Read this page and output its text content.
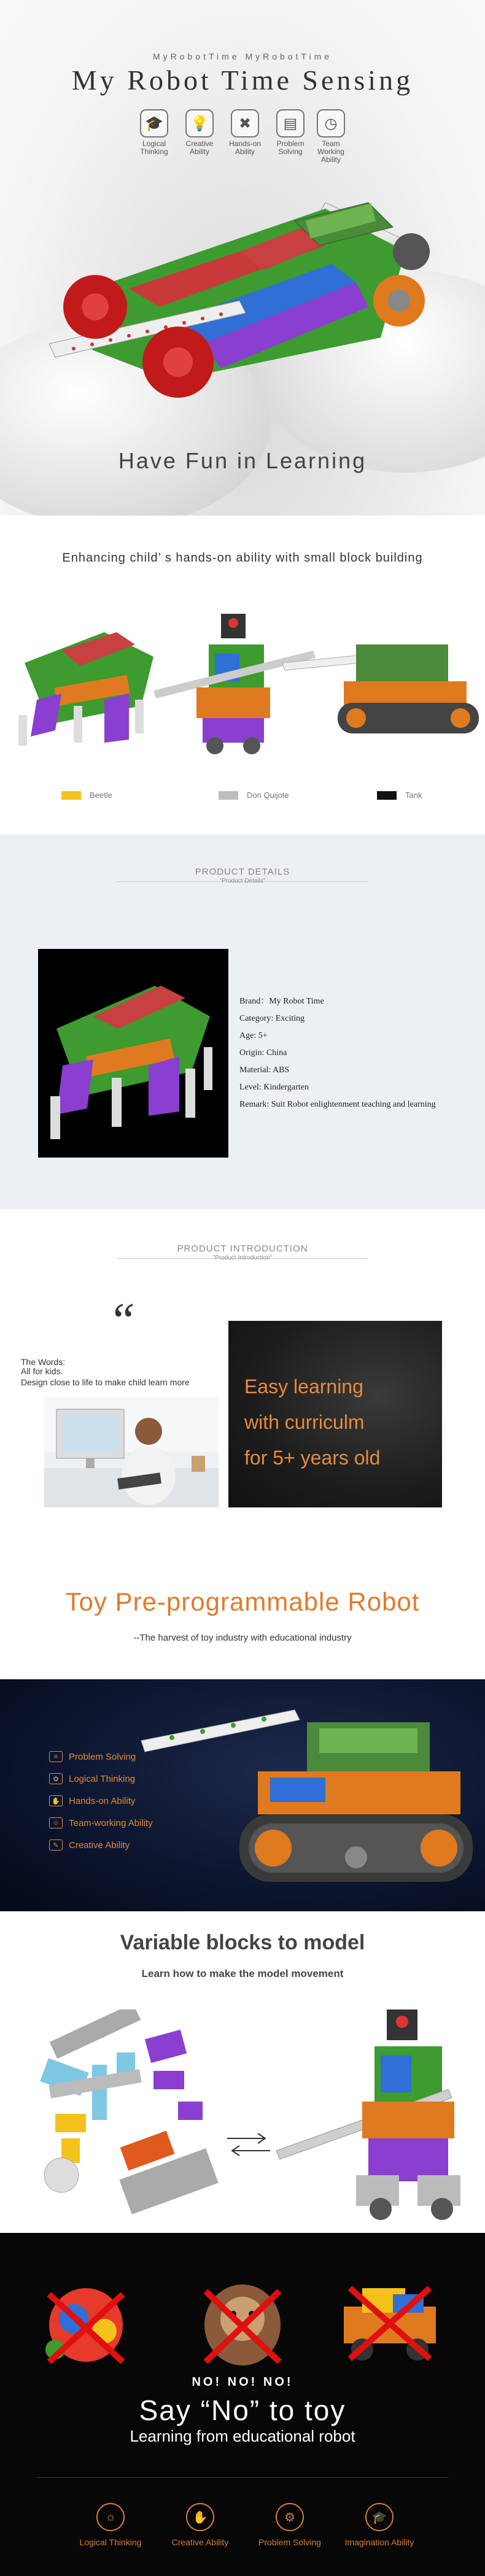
MyRobotTime MyRobotTime
My Robot Time Sensing
🎓
Logical Thinking
💡
Creative Ability
✖
Hands-on Ability
▤
Problem Solving
◷
Team Working Ability
Have Fun in Learning
Enhancing child’ s hands-on ability with small block building
Beetle	Don Quijote	Tank
PRODUCT DETAILS
"Product Details"
Brand：My Robot Time
Category: Exciting
Age: 5+
Origin: China
Material: ABS
Level: Kindergarten
Remark: Suit Robot enlightenment teaching and learning
PRODUCT INTRODUCTION
"Product Introduction"
“
The Words:
All for kids.
Design close to life to make child learn more	Easy learning
with curriculm
for 5+ years old
Toy Pre-programmable Robot
--The harvest of toy industry with educational industry
≡	Problem Solving
✿	Logical Thinking
✋ Hands-on Ability
☺	Team-working Ability
✎	Creative Ability
Variable blocks to model
Learn how to make the model movement
NO! NO! NO!
Say “No” to toy
Learning from educational robot
☼
Logical Thinking
✋
Creative Ability
⚙
Problem Solving
🎓
Imagination Ability
